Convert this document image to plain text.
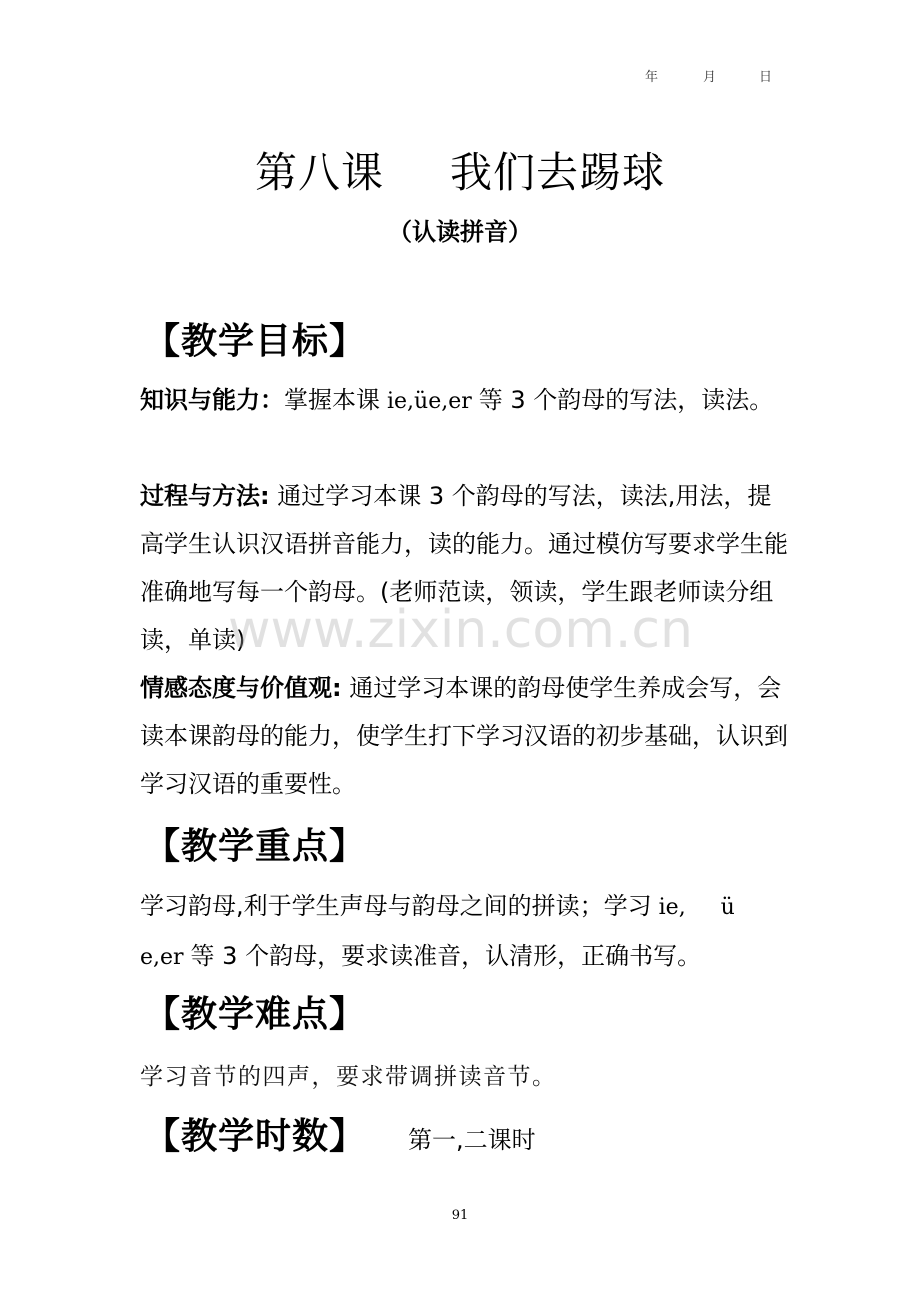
年	月	日
第八课 我们去踢球
（认读拼音）
【教学目标】
知识与能力：掌握本课 ie,üe,er 等 3 个韵母的写法，读法。
过程与方法: 通过学习本课 3 个韵母的写法，读法,用法，提高学生认识汉语拼音能力，读的能力。通过模仿写要求学生能准确地写每一个韵母。(老师范读，领读，学生跟老师读分组读，单读)
情感态度与价值观: 通过学习本课的韵母使学生养成会写，会读本课韵母的能力，使学生打下学习汉语的初步基础，认识到学习汉语的重要性。
【教学重点】
学习韵母,利于学生声母与韵母之间的拼读；学习 ie,     ü
e,er 等 3 个韵母，要求读准音，认清形，正确书写。
【教学难点】
学习音节的四声，要求带调拼读音节。
【教学时数】 第一,二课时
www.zixin.com.cn
91
